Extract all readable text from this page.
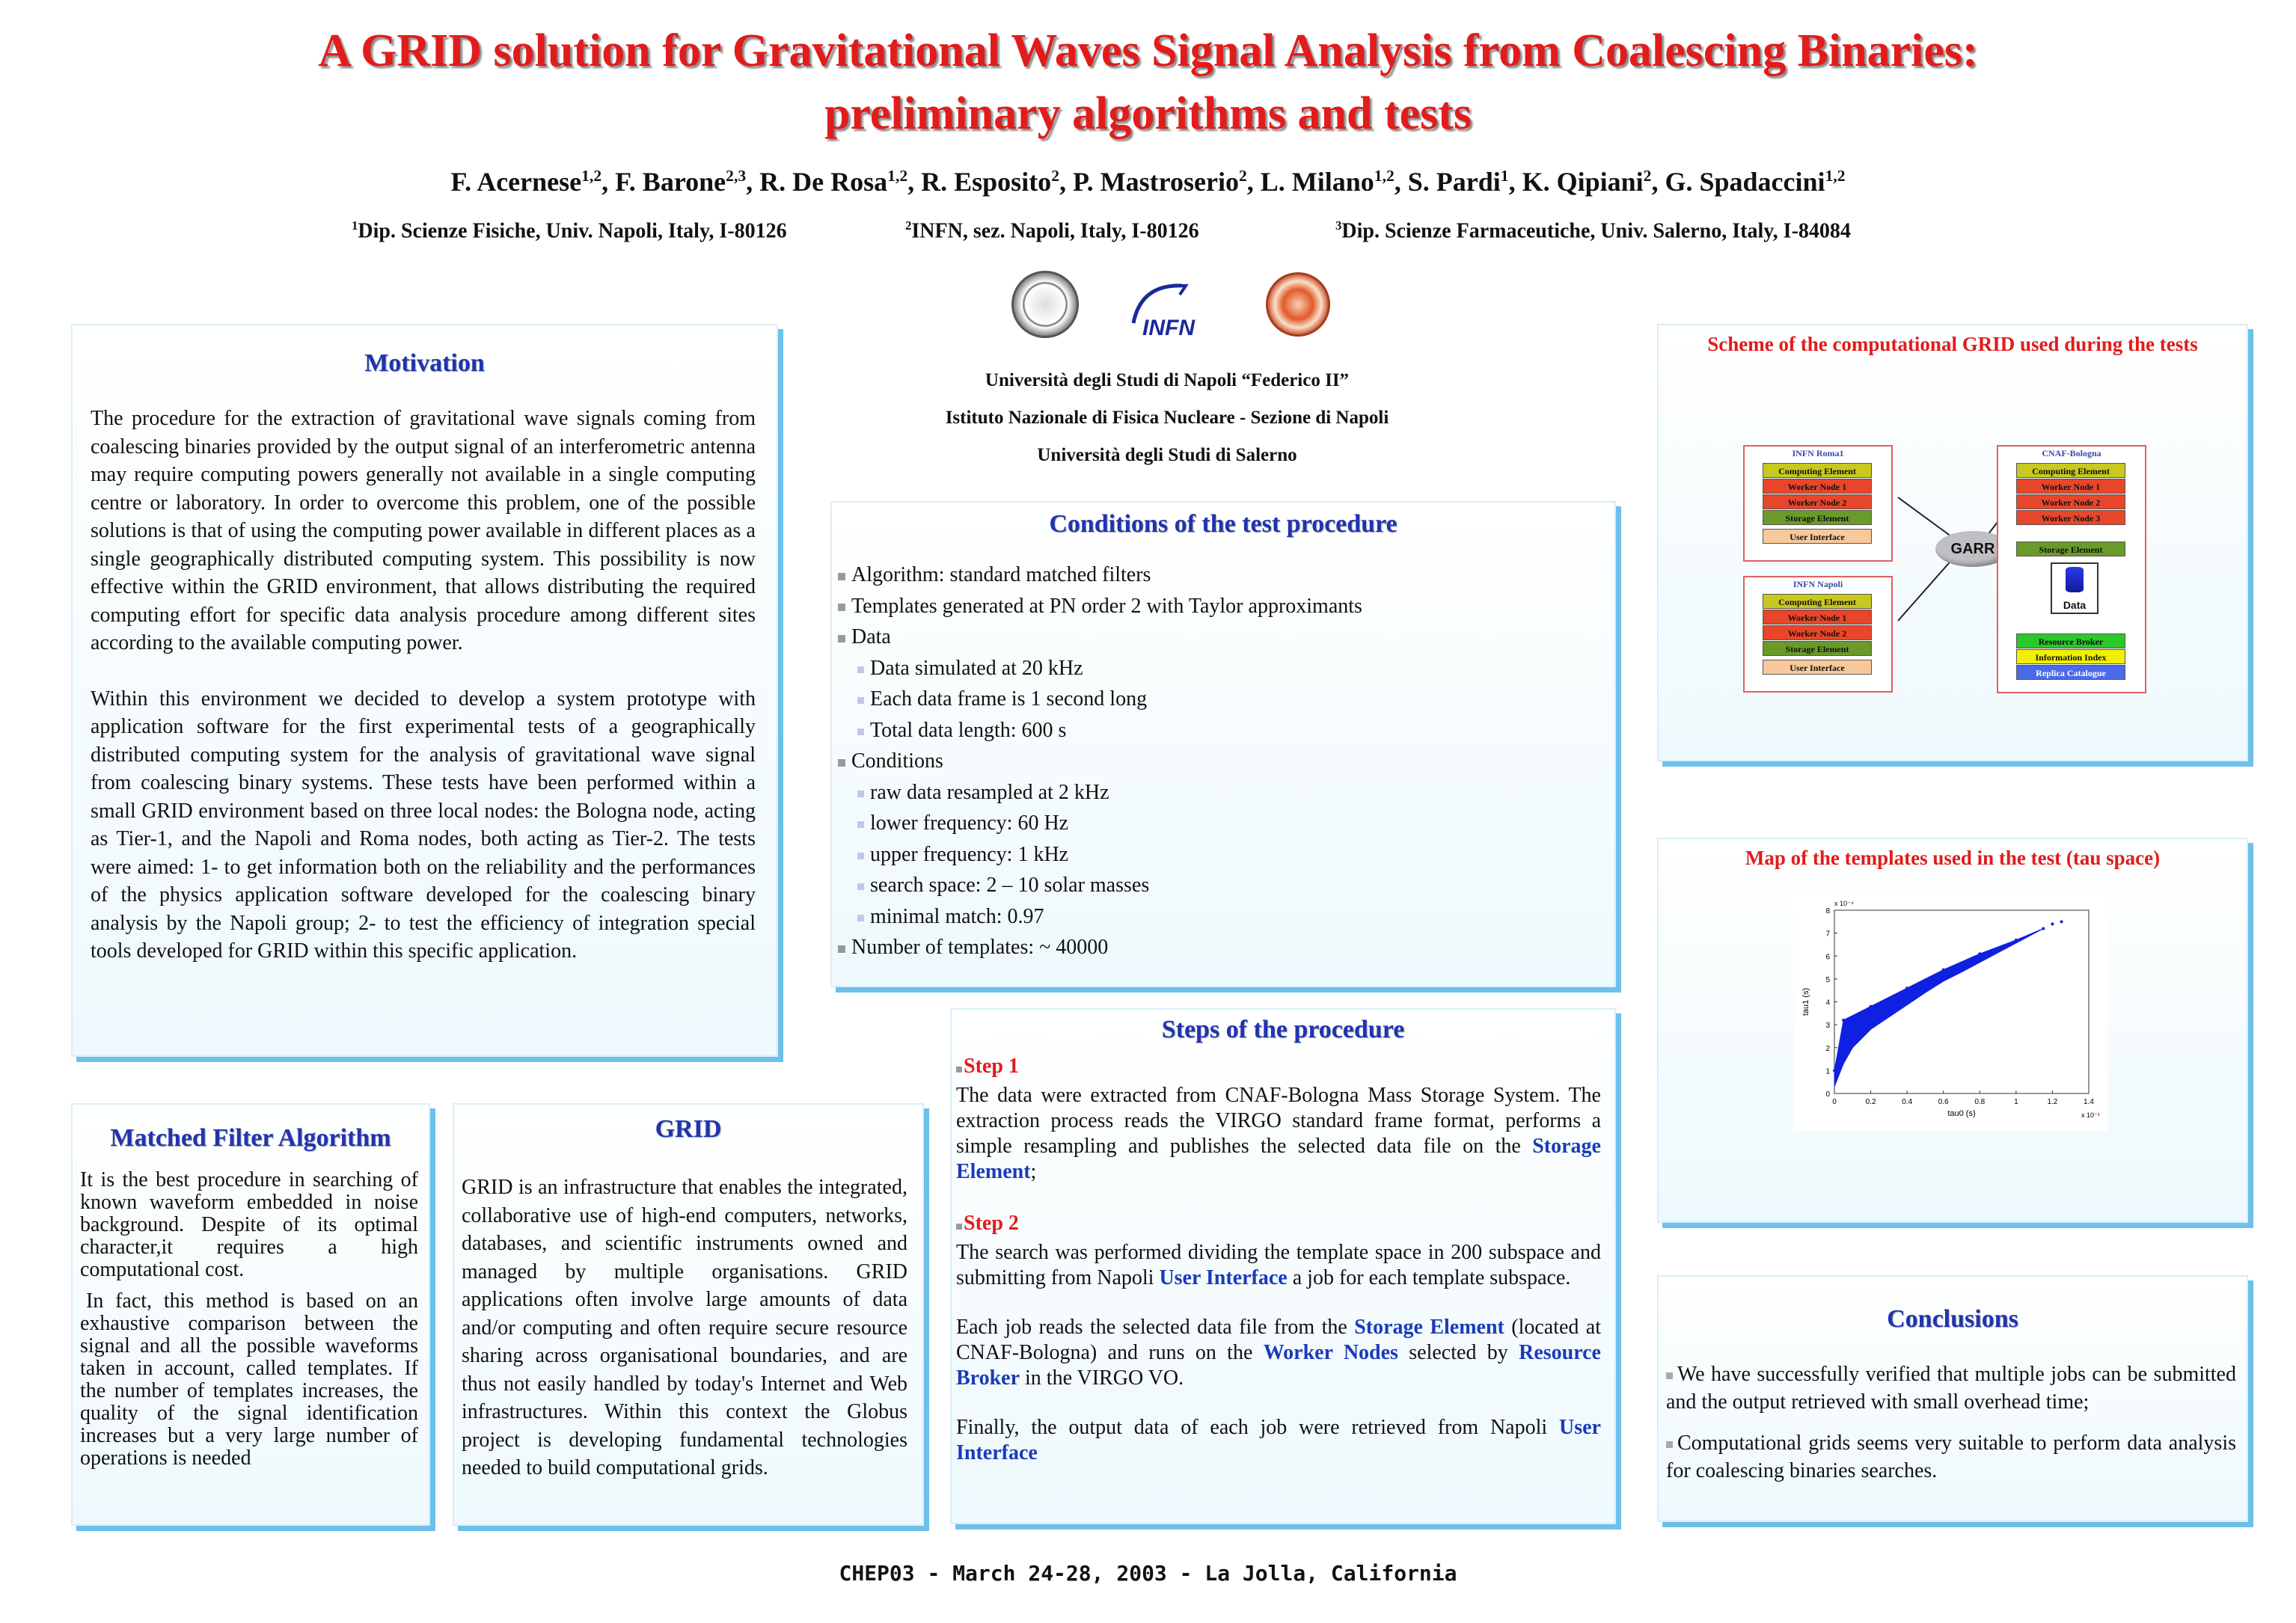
A GRID solution for Gravitational Waves Signal Analysis from Coalescing Binaries:
preliminary algorithms and tests
F. Acernese$^{1,2}$, F. Barone$^{2,3}$, R. De Rosa$^{1,2}$, R. Esposito$^2$, P. Mastroserio$^2$, L. Milano$^{1,2}$, S. Pardi$^1$, K. Qipiani$^2$, G. Spadaccini$^{1,2}$
$^1$Dip. Scienze Fisiche, Univ. Napoli, Italy, I-80126	$^2$INFN, sez. Napoli, Italy, I-80126	$^3$Dip. Scienze Farmaceutiche, Univ. Salerno, Italy, I-84084
INFN
Università degli Studi di Napoli “Federico II”
Istituto Nazionale di Fisica Nucleare - Sezione di Napoli
Università degli Studi di Salerno
Motivation
The procedure for the extraction of gravitational wave signals coming from coalescing binaries provided by the output signal of an interferometric antenna may require computing powers generally not available in a single computing centre or laboratory. In order to overcome this problem, one of the possible solutions is that of using the computing power available in different places as a single geographically distributed computing system. This possibility is now effective within the GRID environment, that allows distributing the required computing effort for specific data analysis procedure among different sites according to the available computing power.
Within this environment we decided to develop a system prototype with application software for the first experimental tests of a geographically distributed computing system for the analysis of gravitational wave signal from coalescing binary systems. These tests have been performed within a small GRID environment based on three local nodes: the Bologna node, acting as Tier-1, and the Napoli and Roma nodes, both acting as Tier-2. The tests were aimed: 1- to get information both on the reliability and the performances of the physics application software developed for the coalescing binary analysis by the Napoli group; 2- to test the efficiency of integration special tools developed for GRID within this specific application.
Matched Filter Algorithm
It is the best procedure in searching of known waveform embedded in noise background. Despite of its optimal character,it requires a high computational cost.
In fact, this method is based on an exhaustive comparison between the signal and all the possible waveforms taken in account, called templates. If the number of templates increases, the quality of the signal identification increases but a very large number of operations is needed
GRID
GRID is an infrastructure that enables the integrated, collaborative use of high-end computers, networks, databases, and scientific instruments owned and managed by multiple organisations. GRID applications often involve large amounts of data and/or computing and often require secure resource sharing across organisational boundaries, and are thus not easily handled by today's Internet and Web infrastructures. Within this context the Globus project is developing fundamental technologies needed to build computational grids.
Conditions of the test procedure
Algorithm: standard matched filters
Templates generated at PN order 2 with Taylor approximants
Data
Data simulated at 20 kHz
Each data frame is 1 second long
Total data length: 600 s
Conditions
raw data resampled at 2 kHz
lower frequency: 60 Hz
upper frequency: 1 kHz
search space: 2 – 10 solar masses
minimal match: 0.97
Number of templates: ~ 40000
Steps of the procedure
Step 1
The data were extracted from CNAF-Bologna Mass Storage System. The extraction process reads the VIRGO standard frame format, performs a simple resampling and publishes the selected data file on the Storage Element;
Step 2
The search was performed dividing the template space in 200 subspace and submitting from Napoli User Interface a job for each template subspace.
Each job reads the selected data file from the Storage Element (located at CNAF-Bologna) and runs on the Worker Nodes selected by Resource Broker in the VIRGO VO.
Finally, the output data of each job were retrieved from Napoli User Interface
Scheme of the computational GRID used during the tests
GARR
INFN Roma1
Computing Element
Worker Node 1
Worker Node 2
Storage Element
User Interface
INFN Napoli
Computing Element
Worker Node 1
Worker Node 2
Storage Element
User Interface
CNAF-Bologna
Computing Element
Worker Node 1
Worker Node 2
Worker Node 3
Storage Element
Data
Resource Broker
Information Index
Replica Catalogue
Map of the templates used in the test (tau space)
0	0.2	0.4	0.6	0.8	1	1.2	1.4
0
1
2
3
4
5
6
7
8
tau0 (s)
tau1 (s)
x 10⁻¹
x 10⁻⁴
Conclusions
We have successfully verified that multiple jobs can be submitted and the output retrieved with small overhead time;
Computational grids seems very suitable to perform data analysis for coalescing binaries searches.
CHEP03 - March 24-28, 2003 - La Jolla, California
